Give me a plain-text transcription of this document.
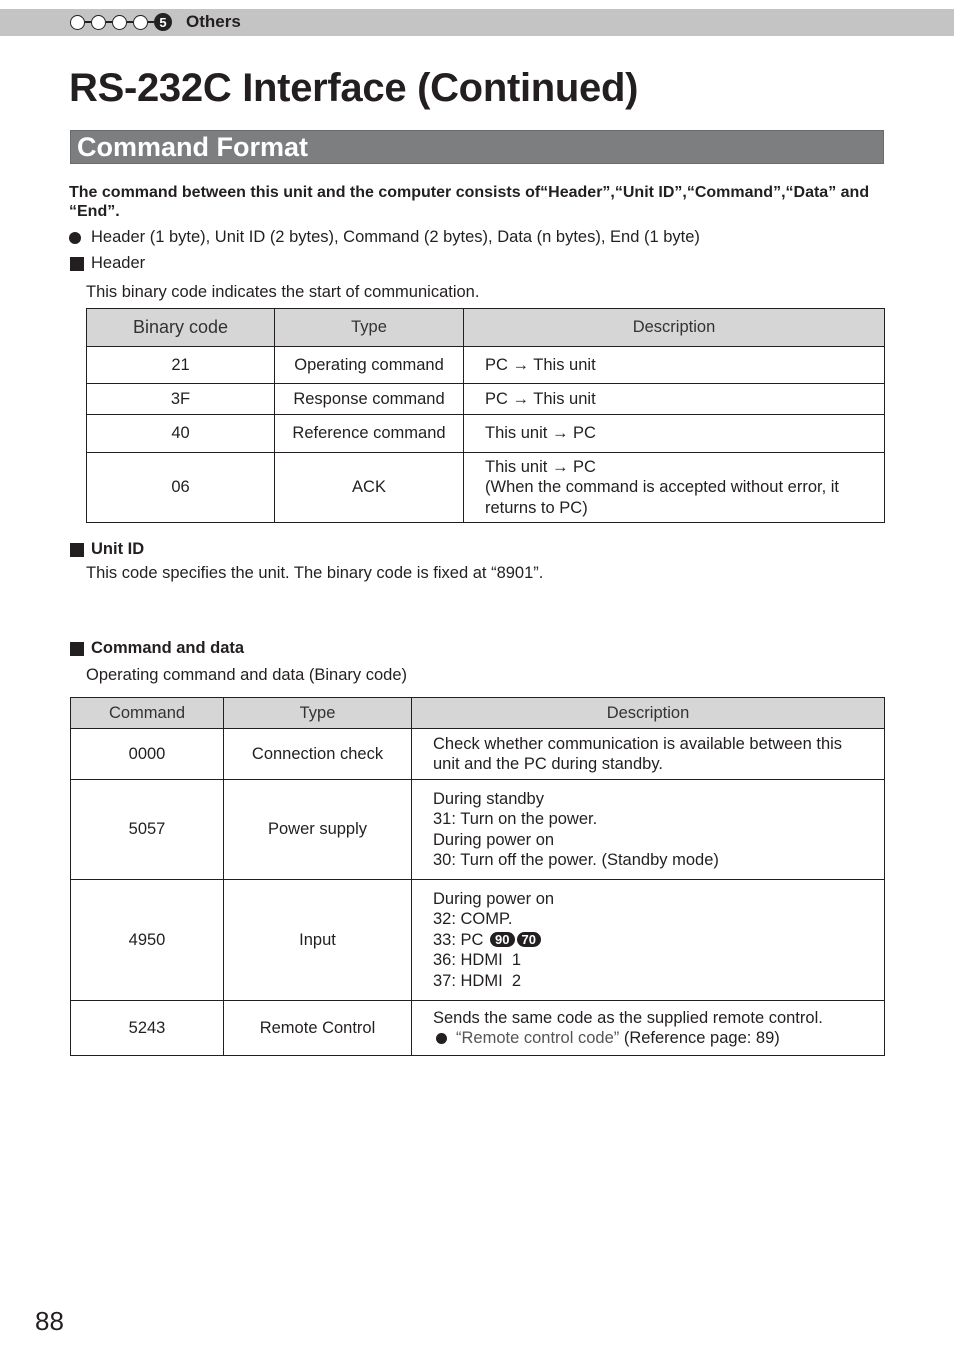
5	Others
RS-232C Interface (Continued)
Command Format
The command between this unit and the computer consists of“Header”,“Unit ID”,“Command”,“Data” and “End”.
Header (1 byte), Unit ID (2 bytes), Command (2 bytes), Data (n bytes), End (1 byte)
Header
This binary code indicates the start of communication.
Binary code	Type	Description
21	Operating command	PC → This unit
3F	Response command	PC → This unit
40	Reference command	This unit → PC
06	ACK	This unit → PC
(When the command is accepted without error, it
returns to PC)
Unit ID
This code specifies the unit. The binary code is fixed at “8901”.
Command and data
Operating command and data (Binary code)
Command	Type	Description
0000	Connection check	Check whether communication is available between this
unit and the PC during standby.

5057	Power supply	During standby
31: Turn on the power.
During power on
30: Turn off the power. (Standby mode)

4950	Input	During power on
32: COMP.
33: PC 90 70
36: HDMI  1
37: HDMI  2

5243	Remote Control	Sends the same code as the supplied remote control.
“Remote control code” (Reference page: 89)
88
